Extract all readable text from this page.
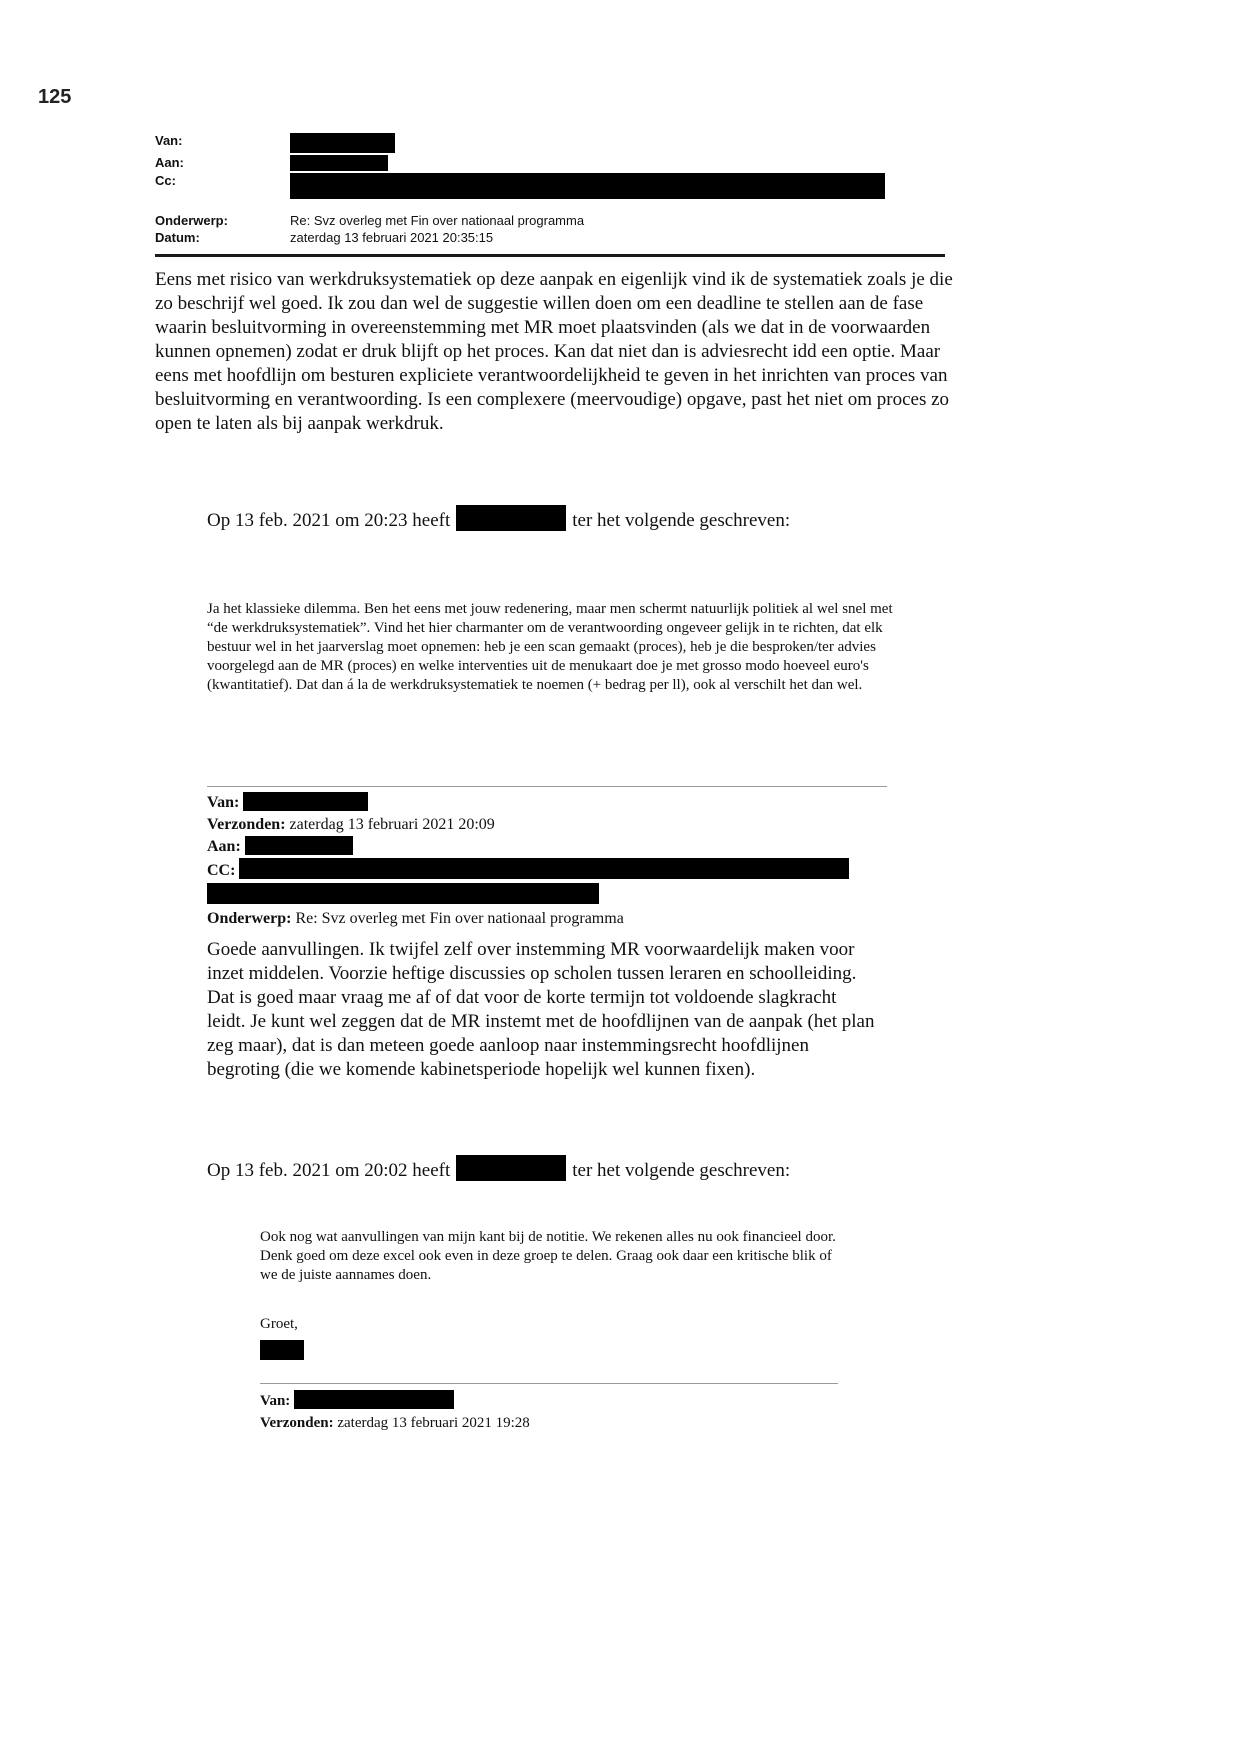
125
Van:
Aan:
Cc:
Onderwerp:	Re: Svz overleg met Fin over nationaal programma
Datum:	zaterdag 13 februari 2021 20:35:15
Eens met risico van werkdruksystematiek op deze aanpak en eigenlijk vind ik de systematiek zoals je die zo beschrijf wel goed. Ik zou dan wel de suggestie willen doen om een deadline te stellen aan de fase waarin besluitvorming in overeenstemming met MR moet plaatsvinden (als we dat in de voorwaarden kunnen opnemen) zodat er druk blijft op het proces. Kan dat niet dan is adviesrecht idd een optie. Maar eens met hoofdlijn om besturen expliciete verantwoordelijkheid te geven in het inrichten van proces van besluitvorming en verantwoording. Is een complexere (meervoudige) opgave, past het niet om proces zo open te laten als bij aanpak werkdruk.
Op 13 feb. 2021 om 20:23 heeft	ter het volgende geschreven:
Ja het klassieke dilemma. Ben het eens met jouw redenering, maar men schermt natuurlijk politiek al wel snel met “de werkdruksystematiek”. Vind het hier charmanter om de verantwoording ongeveer gelijk in te richten, dat elk bestuur wel in het jaarverslag moet opnemen: heb je een scan gemaakt (proces), heb je die besproken/ter advies voorgelegd aan de MR (proces) en welke interventies uit de menukaart doe je met grosso modo hoeveel euro's (kwantitatief). Dat dan á la de werkdruksystematiek te noemen (+ bedrag per ll), ook al verschilt het dan wel.
Van:
Verzonden: zaterdag 13 februari 2021 20:09
Aan:
CC:
Onderwerp: Re: Svz overleg met Fin over nationaal programma
Goede aanvullingen. Ik twijfel zelf over instemming MR voorwaardelijk maken voor inzet middelen. Voorzie heftige discussies op scholen tussen leraren en schoolleiding. Dat is goed maar vraag me af of dat voor de korte termijn tot voldoende slagkracht leidt. Je kunt wel zeggen dat de MR instemt met de hoofdlijnen van de aanpak (het plan zeg maar), dat is dan meteen goede aanloop naar instemmingsrecht hoofdlijnen begroting (die we komende kabinetsperiode hopelijk wel kunnen fixen).
Op 13 feb. 2021 om 20:02 heeft	ter het volgende geschreven:
Ook nog wat aanvullingen van mijn kant bij de notitie. We rekenen alles nu ook financieel door. Denk goed om deze excel ook even in deze groep te delen. Graag ook daar een kritische blik of we de juiste aannames doen.
Groet,
Van:
Verzonden: zaterdag 13 februari 2021 19:28
